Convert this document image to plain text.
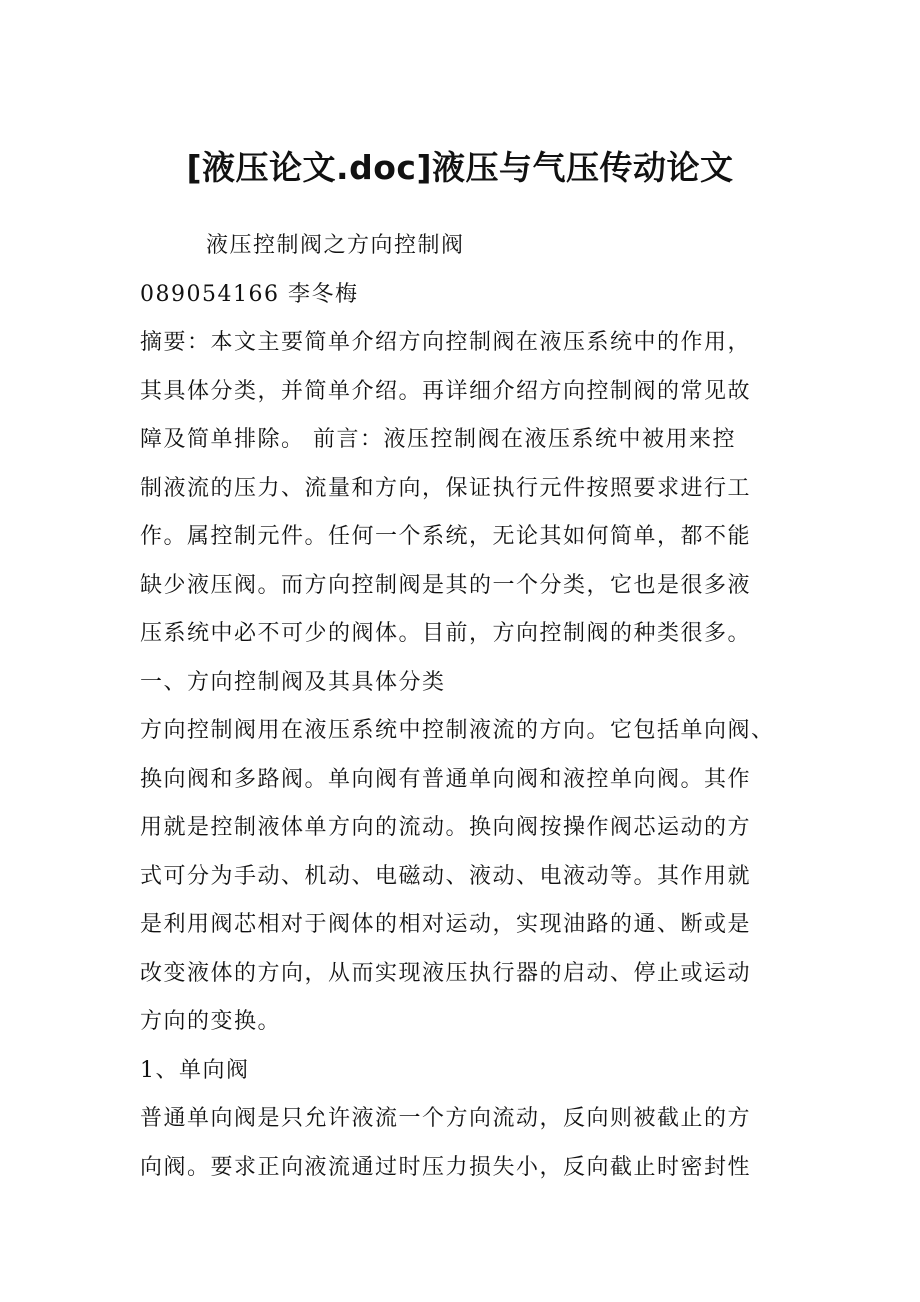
[液压论文.doc]液压与气压传动论文
液压控制阀之方向控制阀
089054166 李冬梅
摘要：本文主要简单介绍方向控制阀在液压系统中的作用，
其具体分类，并简单介绍。再详细介绍方向控制阀的常见故
障及简单排除。 前言：液压控制阀在液压系统中被用来控
制液流的压力、流量和方向，保证执行元件按照要求进行工
作。属控制元件。任何一个系统，无论其如何简单，都不能
缺少液压阀。而方向控制阀是其的一个分类，它也是很多液
压系统中必不可少的阀体。目前，方向控制阀的种类很多。
一、方向控制阀及其具体分类
方向控制阀用在液压系统中控制液流的方向。它包括单向阀、
换向阀和多路阀。单向阀有普通单向阀和液控单向阀。其作
用就是控制液体单方向的流动。换向阀按操作阀芯运动的方
式可分为手动、机动、电磁动、液动、电液动等。其作用就
是利用阀芯相对于阀体的相对运动，实现油路的通、断或是
改变液体的方向，从而实现液压执行器的启动、停止或运动
方向的变换。
1、单向阀
普通单向阀是只允许液流一个方向流动，反向则被截止的方
向阀。要求正向液流通过时压力损失小，反向截止时密封性
